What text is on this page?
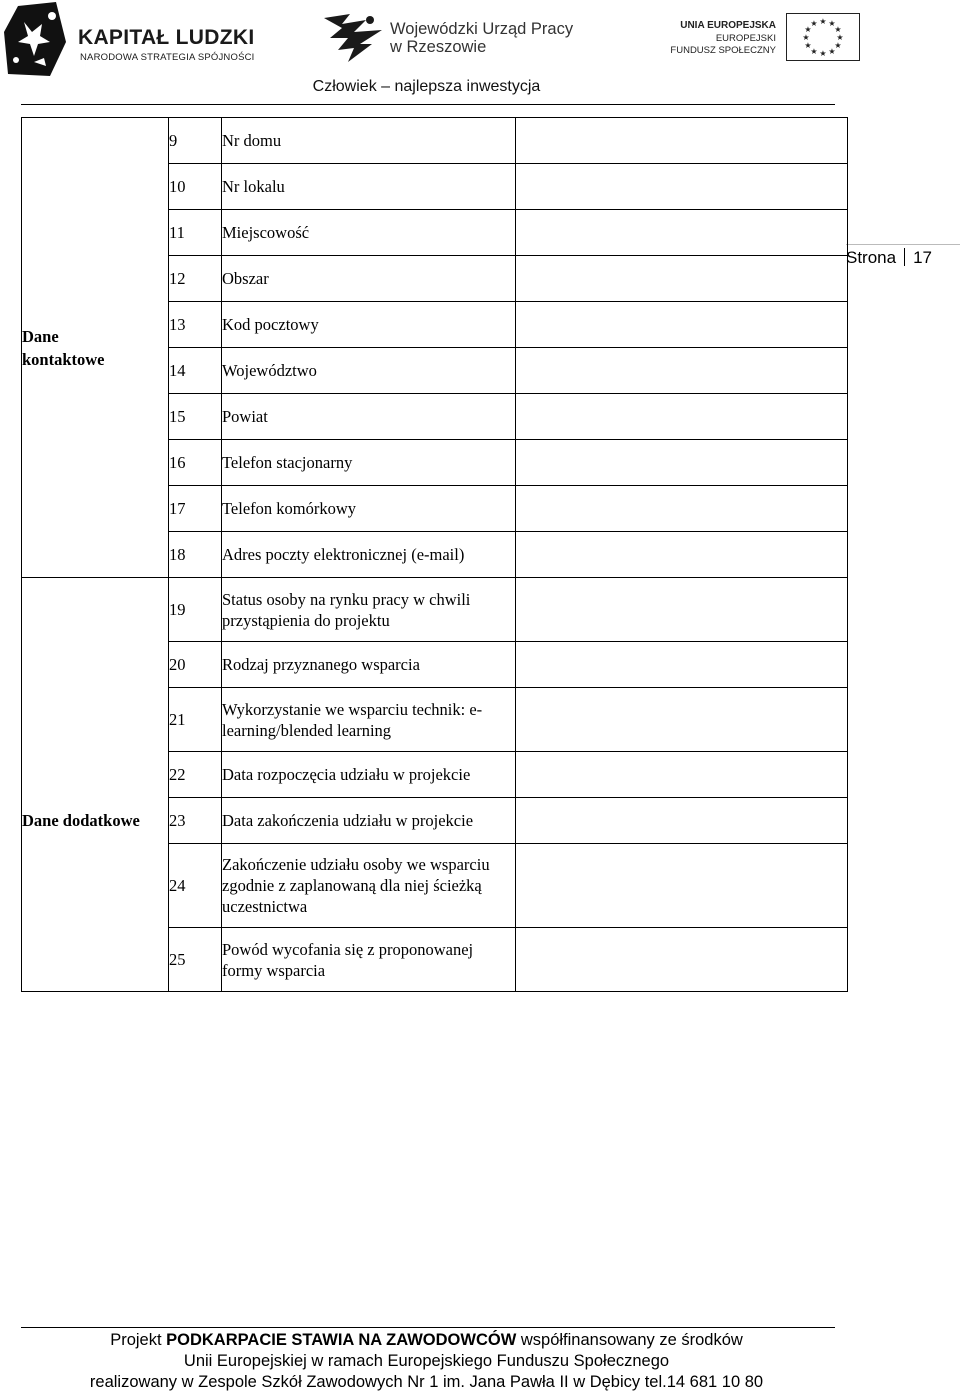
KAPITAŁ LUDZKI
NARODOWA STRATEGIA SPÓJNOŚCI
Wojewódzki Urząd Pracy
w Rzeszowie
UNIA EUROPEJSKA
EUROPEJSKI
FUNDUSZ SPOŁECZNY
★ ★
★
★
★
★
★
★
★
★
★
★
Człowiek – najlepsza inwestycja
Strona 17
Dane
kontaktowe	9	Nr domu	
	10	Nr lokalu	
	11	Miejscowość	
	12	Obszar	
	13	Kod pocztowy	
	14	Województwo	
	15	Powiat	
	16	Telefon stacjonarny	
	17	Telefon komórkowy	
	18	Adres poczty elektronicznej (e-mail)	
	19	Status osoby na rynku pracy w chwili przystąpienia do projektu	
	20	Rodzaj przyznanego wsparcia	
	21	Wykorzystanie we wsparciu technik: e-learning/blended learning	
	22	Data rozpoczęcia udziału w projekcie	
Dane dodatkowe	23	Data zakończenia udziału w projekcie	
	24	Zakończenie udziału osoby we wsparciu zgodnie z zaplanowaną dla niej ścieżką uczestnictwa	
	25	Powód wycofania się z proponowanej formy wsparcia	
Projekt PODKARPACIE STAWIA NA ZAWODOWCÓW współfinansowany ze środków
Unii Europejskiej w ramach Europejskiego Funduszu Społecznego
realizowany w Zespole Szkół Zawodowych Nr 1 im. Jana Pawła II w Dębicy tel.14 681 10 80
